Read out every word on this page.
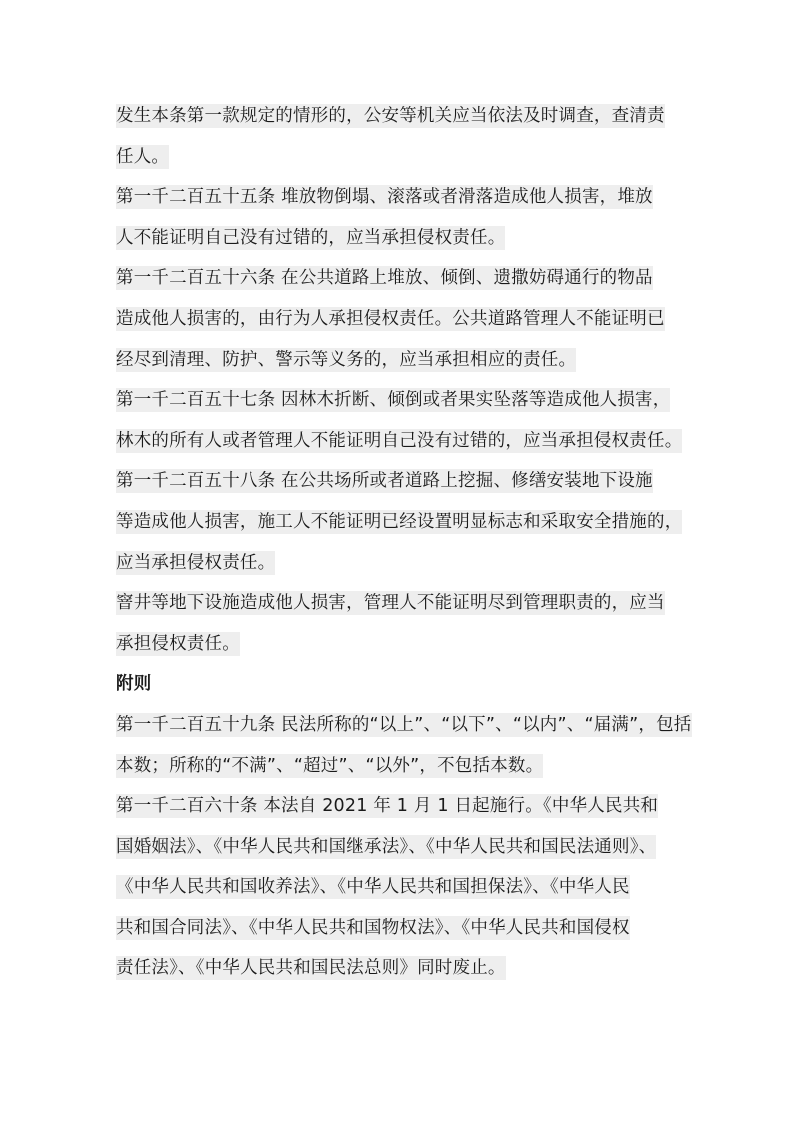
发生本条第一款规定的情形的，公安等机关应当依法及时调查，查清责
任人。
第一千二百五十五条 堆放物倒塌、滚落或者滑落造成他人损害，堆放
人不能证明自己没有过错的，应当承担侵权责任。
第一千二百五十六条 在公共道路上堆放、倾倒、遗撒妨碍通行的物品
造成他人损害的，由行为人承担侵权责任。公共道路管理人不能证明已
经尽到清理、防护、警示等义务的，应当承担相应的责任。
第一千二百五十七条 因林木折断、倾倒或者果实坠落等造成他人损害，
林木的所有人或者管理人不能证明自己没有过错的，应当承担侵权责任。
第一千二百五十八条 在公共场所或者道路上挖掘、修缮安装地下设施
等造成他人损害，施工人不能证明已经设置明显标志和采取安全措施的，
应当承担侵权责任。
窨井等地下设施造成他人损害，管理人不能证明尽到管理职责的，应当
承担侵权责任。
附则
第一千二百五十九条 民法所称的“以上”、“以下”、“以内”、“届满”，包括
本数；所称的“不满”、“超过”、“以外”，不包括本数。
第一千二百六十条 本法自 2021 年 1 月 1 日起施行。《中华人民共和
国婚姻法》、《中华人民共和国继承法》、《中华人民共和国民法通则》、
《中华人民共和国收养法》、《中华人民共和国担保法》、《中华人民
共和国合同法》、《中华人民共和国物权法》、《中华人民共和国侵权
责任法》、《中华人民共和国民法总则》同时废止。
